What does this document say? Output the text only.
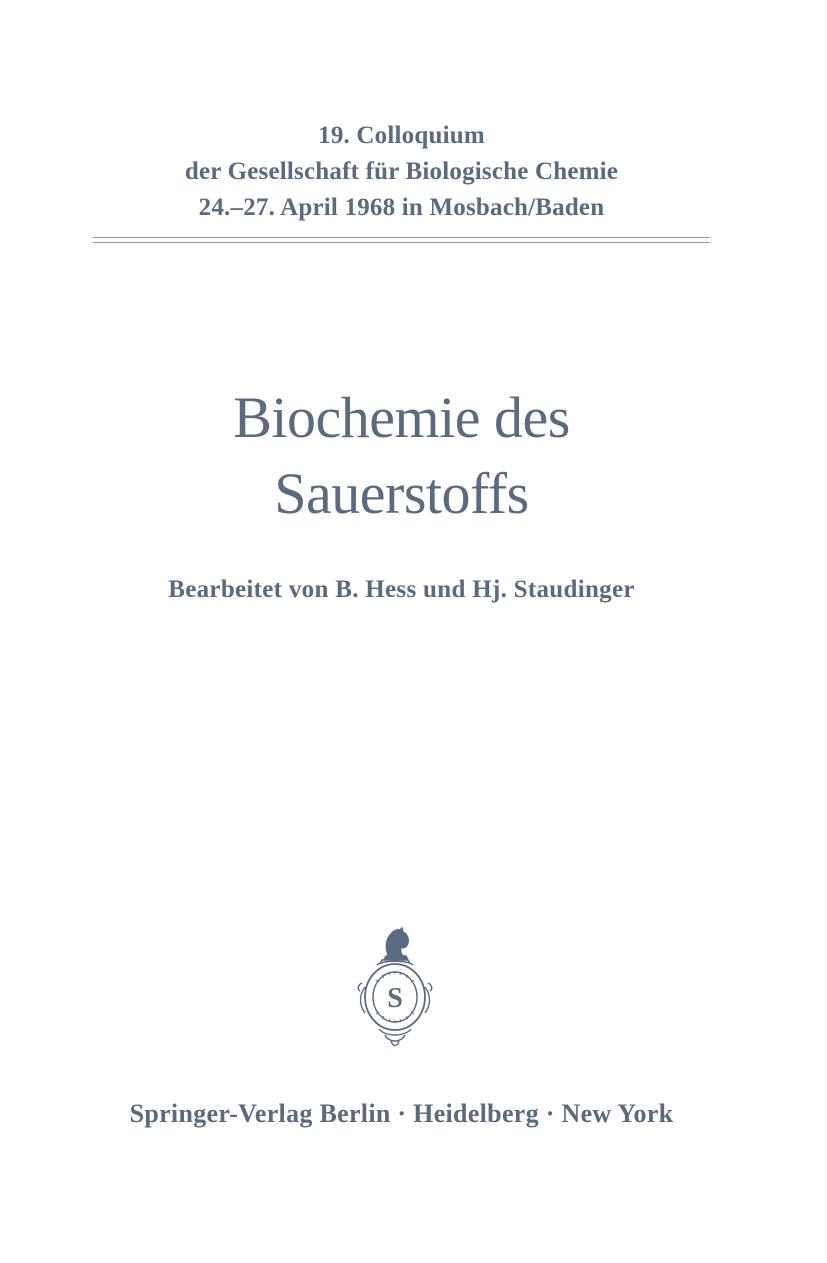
19. Colloquium
der Gesellschaft für Biologische Chemie
24.–27. April 1968 in Mosbach/Baden
Biochemie des
Sauerstoffs
Bearbeitet von B. Hess und Hj. Staudinger
S
Springer-Verlag Berlin · Heidelberg · New York
